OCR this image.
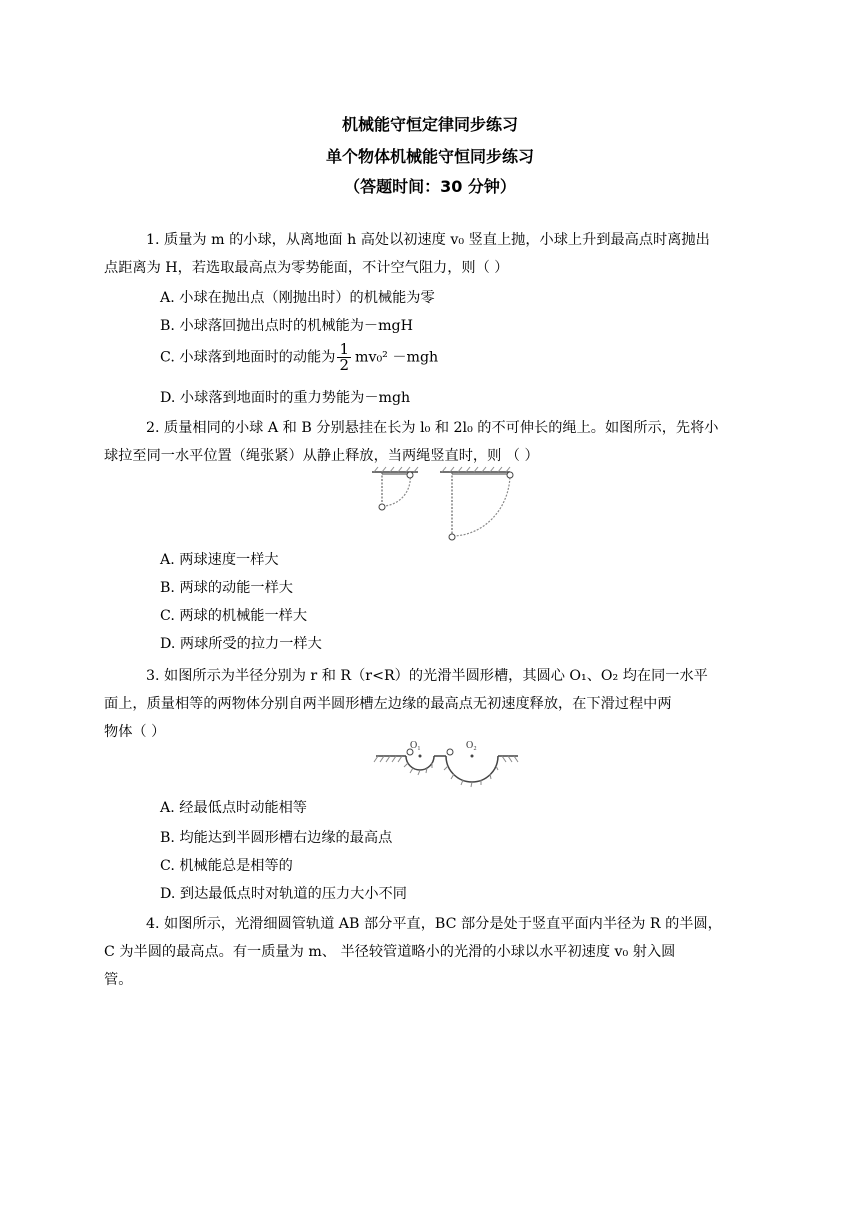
机械能守恒定律同步练习
单个物体机械能守恒同步练习
（答题时间：30 分钟）
1. 质量为 m 的小球，从离地面 h 高处以初速度 v₀ 竖直上抛，小球上升到最高点时离抛出
点距离为 H，若选取最高点为零势能面，不计空气阻力，则（ ）
A. 小球在抛出点（刚抛出时）的机械能为零
B. 小球落回抛出点时的机械能为－mgH
C. 小球落到地面时的动能为 $\frac{1}{2} mv_0^2 -mgh$
D. 小球落到地面时的重力势能为－mgh
2. 质量相同的小球 A 和 B 分别悬挂在长为 l₀ 和 2l₀ 的不可伸长的绳上。如图所示，先将小
球拉至同一水平位置（绳张紧）从静止释放，当两绳竖直时，则 （ ）
A. 两球速度一样大
B. 两球的动能一样大
C. 两球的机械能一样大
D. 两球所受的拉力一样大
3. 如图所示为半径分别为 r 和 R（r<R）的光滑半圆形槽，其圆心 O₁、O₂ 均在同一水平
面上，质量相等的两物体分别自两半圆形槽左边缘的最高点无初速度释放，在下滑过程中两
物体（ ）
O₁	O₂
A. 经最低点时动能相等
B. 均能达到半圆形槽右边缘的最高点
C. 机械能总是相等的
D. 到达最低点时对轨道的压力大小不同
4. 如图所示，光滑细圆管轨道 AB 部分平直，BC 部分是处于竖直平面内半径为 R 的半圆，
C 为半圆的最高点。有一质量为 m、 半径较管道略小的光滑的小球以水平初速度 v₀ 射入圆
管。
